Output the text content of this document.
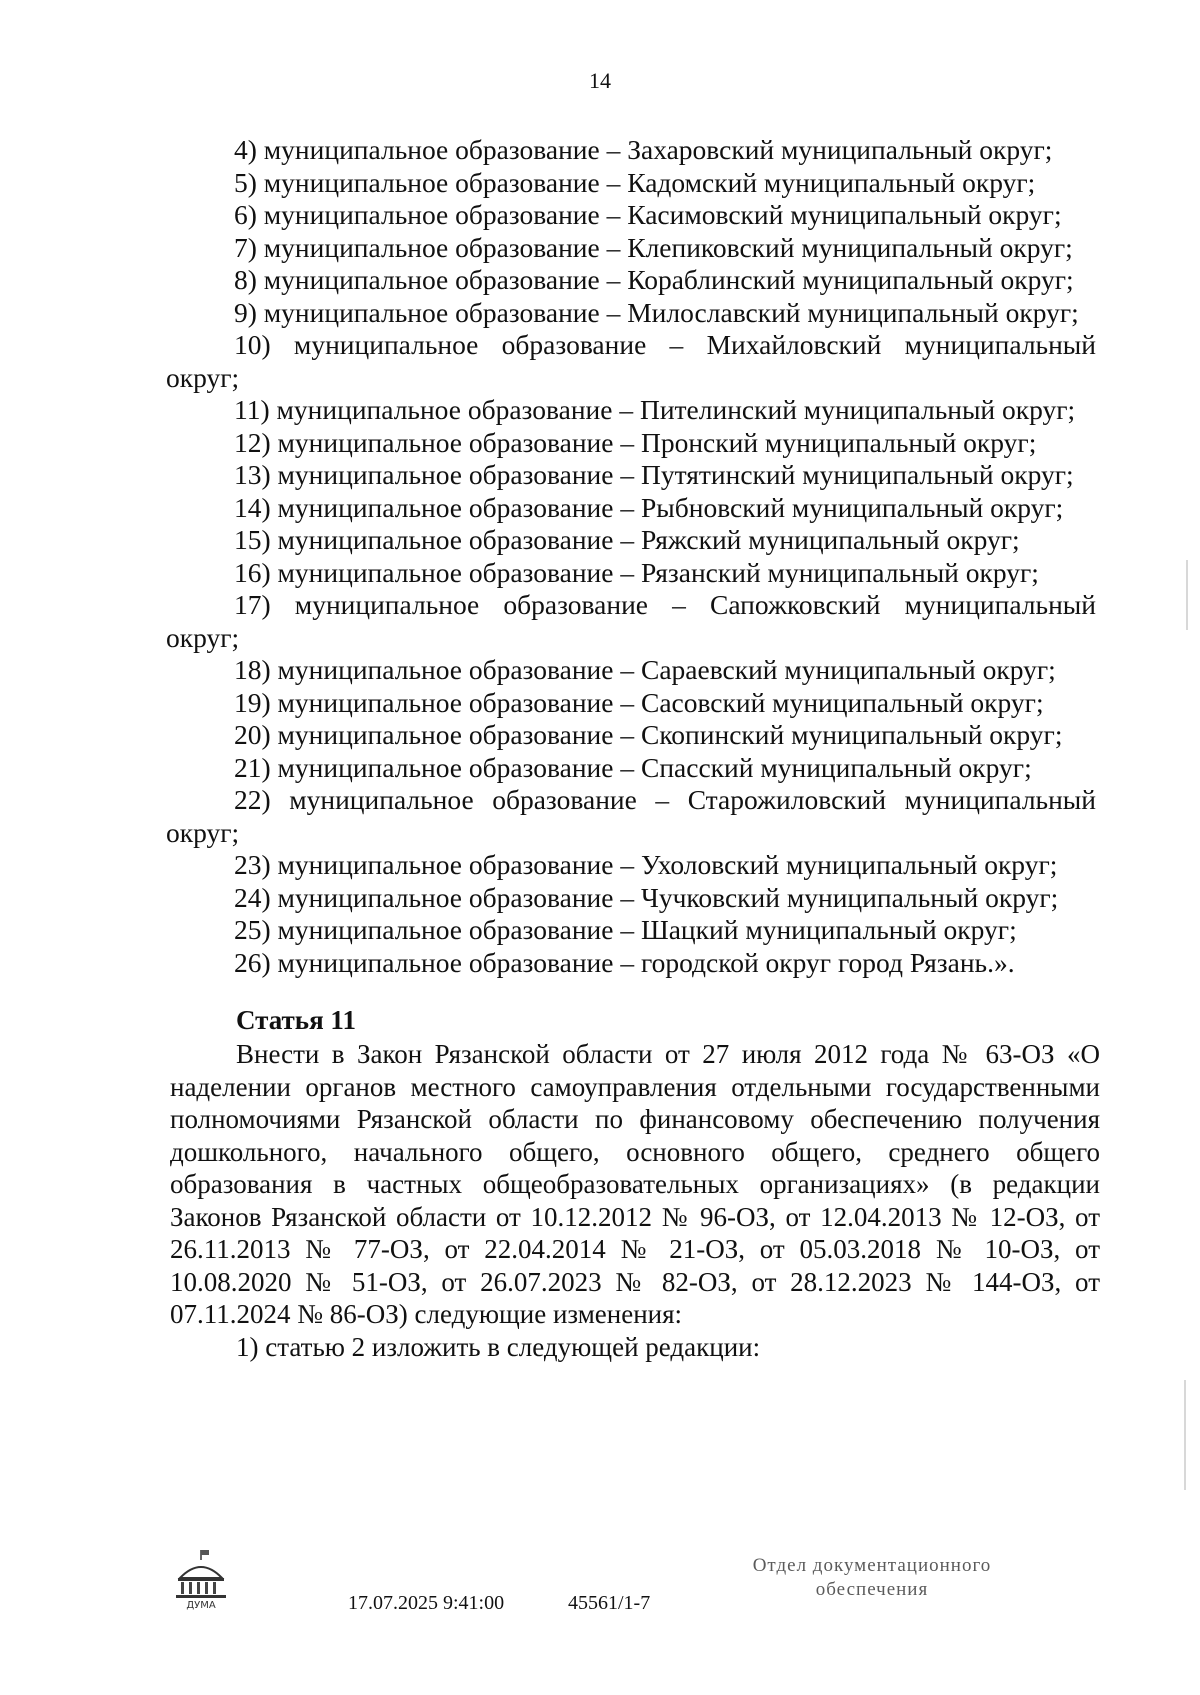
14
4) муниципальное образование – Захаровский муниципальный округ;
5) муниципальное образование – Кадомский муниципальный округ;
6) муниципальное образование – Касимовский муниципальный округ;
7) муниципальное образование – Клепиковский муниципальный округ;
8) муниципальное образование – Кораблинский муниципальный округ;
9) муниципальное образование – Милославский муниципальный округ;
10) муниципальное образование – Михайловский муниципальный
округ;
11) муниципальное образование – Пителинский муниципальный округ;
12) муниципальное образование – Пронский муниципальный округ;
13) муниципальное образование – Путятинский муниципальный округ;
14) муниципальное образование – Рыбновский муниципальный округ;
15) муниципальное образование – Ряжский муниципальный округ;
16) муниципальное образование – Рязанский муниципальный округ;
17) муниципальное образование – Сапожковский муниципальный
округ;
18) муниципальное образование – Сараевский муниципальный округ;
19) муниципальное образование – Сасовский муниципальный округ;
20) муниципальное образование – Скопинский муниципальный округ;
21) муниципальное образование – Спасский муниципальный округ;
22) муниципальное образование – Старожиловский муниципальный
округ;
23) муниципальное образование – Ухоловский муниципальный округ;
24) муниципальное образование – Чучковский муниципальный округ;
25) муниципальное образование – Шацкий муниципальный округ;
26) муниципальное образование – городской округ город Рязань.».
Статья 11

Внести в Закон Рязанской области от 27 июля 2012 года № 63-ОЗ «О наделении органов местного самоуправления отдельными государственными полномочиями Рязанской области по финансовому обеспечению получения дошкольного, начального общего, основного общего, среднего общего образования в частных общеобразовательных организациях» (в редакции Законов Рязанской области от 10.12.2012 № 96-ОЗ, от 12.04.2013 № 12-ОЗ, от 26.11.2013 № 77-ОЗ, от 22.04.2014 № 21-ОЗ, от 05.03.2018 № 10-ОЗ, от 10.08.2020 № 51-ОЗ, от 26.07.2023 № 82-ОЗ, от 28.12.2023 № 144-ОЗ, от 07.11.2024 № 86-ОЗ) следующие изменения:

1) статью 2 изложить в следующей редакции:

ДУМА	17.07.2025 9:41:00	45561/1-7
Отдел документационного
обеспечения
